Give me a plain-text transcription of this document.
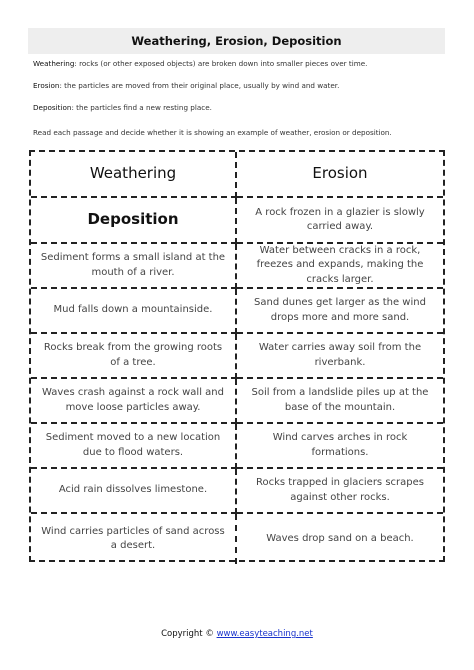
Weathering, Erosion, Deposition
Weathering: rocks (or other exposed objects) are broken down into smaller pieces over time.
Erosion: the particles are moved from their original place, usually by wind and water.
Deposition: the particles find a new resting place.
Read each passage and decide whether it is showing an example of weather, erosion or deposition.
Weathering	Erosion
Deposition	A rock frozen in a glazier is slowly carried away.
Sediment forms a small island at the mouth of a river.
Water between cracks in a rock, freezes and expands, making the cracks larger.
Mud falls down a mountainside.
Sand dunes get larger as the wind drops more and more sand.
Rocks break from the growing roots of a tree.
Water carries away soil from the riverbank.
Waves crash against a rock wall and move loose particles away.
Soil from a landslide piles up at the base of the mountain.
Sediment moved to a new location due to flood waters.
Wind carves arches in rock formations.
Acid rain dissolves limestone.
Rocks trapped in glaciers scrapes against other rocks.
Wind carries particles of sand across a desert.
Waves drop sand on a beach.
Copyright © www.easyteaching.net
